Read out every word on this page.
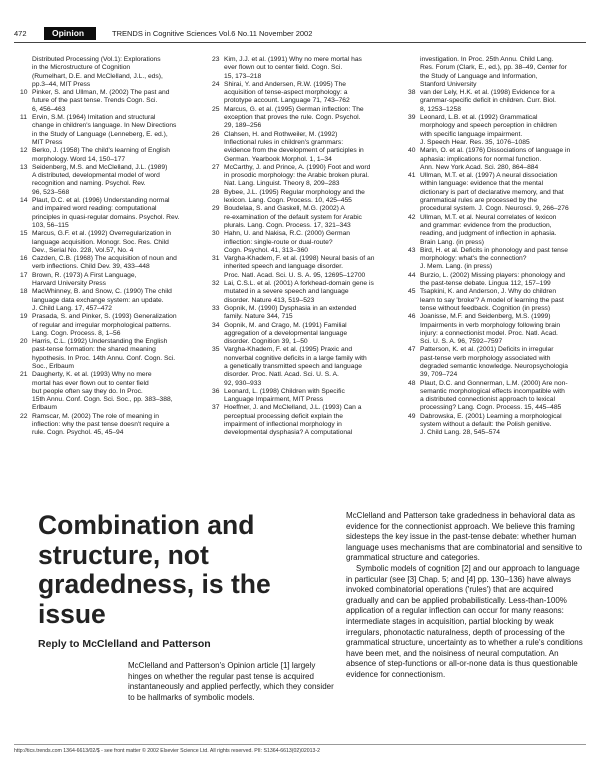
472	Opinion	TRENDS in Cognitive Sciences Vol.6 No.11 November 2002
Distributed Processing (Vol.1): Explorations
in the Microstructure of Cognition
(Rumelhart, D.E. and McClelland, J.L., eds),
pp.3–44, MIT Press
10 Pinker, S. and Ullman, M. (2002) The past and
future of the past tense. Trends Cogn. Sci.
6, 456–463
11 Ervin, S.M. (1964) Imitation and structural
change in children's language. In New Directions
in the Study of Language (Lenneberg, E. ed.),
MIT Press
12 Berko, J. (1958) The child's learning of English
morphology. Word 14, 150–177
13 Seidenberg, M.S. and McClelland, J.L. (1989)
A distributed, developmental model of word
recognition and naming. Psychol. Rev.
96, 523–568
14 Plaut, D.C. et al. (1996) Understanding normal
and impaired word reading: computational
principles in quasi-regular domains. Psychol. Rev.
103, 56–115
15 Marcus, G.F. et al. (1992) Overregularization in
language acquisition. Monogr. Soc. Res. Child
Dev., Serial No. 228, Vol.57, No. 4
16 Cazden, C.B. (1968) The acquisition of noun and
verb inflections. Child Dev. 39, 433–448
17 Brown, R. (1973) A First Language,
Harvard University Press
18 MacWhinney, B. and Snow, C. (1990) The child
language data exchange system: an update.
J. Child Lang. 17, 457–472
19 Prasada, S. and Pinker, S. (1993) Generalization
of regular and irregular morphological patterns.
Lang. Cogn. Process. 8, 1–56
20 Harris, C.L. (1992) Understanding the English
past-tense formation: the shared meaning
hypothesis. In Proc. 14th Annu. Conf. Cogn. Sci.
Soc., Erlbaum
21 Daugherty, K. et al. (1993) Why no mere
mortal has ever flown out to center field
but people often say they do. In Proc.
15th Annu. Conf. Cogn. Sci. Soc., pp. 383–388,
Erlbaum
22 Ramscar, M. (2002) The role of meaning in
inflection: why the past tense doesn't require a
rule. Cogn. Psychol. 45, 45–94
23 Kim, J.J. et al. (1991) Why no mere mortal has
ever flown out to center field. Cogn. Sci.
15, 173–218
24 Shirai, Y. and Andersen, R.W. (1995) The
acquisition of tense-aspect morphology: a
prototype account. Language 71, 743–762
25 Marcus, G. et al. (1995) German inflection: The
exception that proves the rule. Cogn. Psychol.
29, 189–256
26 Clahsen, H. and Rothweiler, M. (1992)
Inflectional rules in children's grammars:
evidence from the development of participles in
German. Yearbook Morphol. 1, 1–34
27 McCarthy, J. and Prince, A. (1990) Foot and word
in prosodic morphology: the Arabic broken plural.
Nat. Lang. Linguist. Theory 8, 209–283
28 Bybee, J.L. (1995) Regular morphology and the
lexicon. Lang. Cogn. Process. 10, 425–455
29 Boudelaa, S. and Gaskell, M.G. (2002) A
re-examination of the default system for Arabic
plurals. Lang. Cogn. Process. 17, 321–343
30 Hahn, U. and Nakisa, R.C. (2000) German
inflection: single-route or dual-route?
Cogn. Psychol. 41, 313–360
31 Vargha-Khadem, F. et al. (1998) Neural basis of an
inherited speech and language disorder.
Proc. Natl. Acad. Sci. U. S. A. 95, 12695–12700
32 Lai, C.S.L. et al. (2001) A forkhead-domain gene is
mutated in a severe speech and language
disorder. Nature 413, 519–523
33 Gopnik, M. (1990) Dysphasia in an extended
family. Nature 344, 715
34 Gopnik, M. and Crago, M. (1991) Familial
aggregation of a developmental language
disorder. Cognition 39, 1–50
35 Vargha-Khadem, F. et al. (1995) Praxic and
nonverbal cognitive deficits in a large family with
a genetically transmitted speech and language
disorder. Proc. Natl. Acad. Sci. U. S. A.
92, 930–933
36 Leonard, L. (1998) Children with Specific
Language Impairment, MIT Press
37 Hoeffner, J. and McClelland, J.L. (1993) Can a
perceptual processing deficit explain the
impairment of inflectional morphology in
developmental dysphasia? A computational
investigation. In Proc. 25th Annu. Child Lang.
Res. Forum (Clark, E., ed.), pp. 38–49, Center for
the Study of Language and Information,
Stanford University
38 van der Lely, H.K. et al. (1998) Evidence for a
grammar-specific deficit in children. Curr. Biol.
8, 1253–1258
39 Leonard, L.B. et al. (1992) Grammatical
morphology and speech perception in children
with specific language impairment.
J. Speech Hear. Res. 35, 1076–1085
40 Marin, O. et al. (1976) Dissociations of language in
aphasia: implications for normal function.
Ann. New York Acad. Sci. 280, 864–884
41 Ullman, M.T. et al. (1997) A neural dissociation
within language: evidence that the mental
dictionary is part of declarative memory, and that
grammatical rules are processed by the
procedural system. J. Cogn. Neurosci. 9, 266–276
42 Ullman, M.T. et al. Neural correlates of lexicon
and grammar: evidence from the production,
reading, and judgment of inflection in aphasia.
Brain Lang. (in press)
43 Bird, H. et al. Deficits in phonology and past tense
morphology: what's the connection?
J. Mem. Lang. (in press)
44 Burzio, L. (2002) Missing players: phonology and
the past-tense debate. Lingua 112, 157–199
45 Tsapkini, K. and Anderson, J. Why do children
learn to say 'broke'? A model of learning the past
tense without feedback. Cognition (in press)
46 Joanisse, M.F. and Seidenberg, M.S. (1999)
Impairments in verb morphology following brain
injury: a connectionist model. Proc. Natl. Acad.
Sci. U. S. A. 96, 7592–7597
47 Patterson, K. et al. (2001) Deficits in irregular
past-tense verb morphology associated with
degraded semantic knowledge. Neuropsychologia
39, 709–724
48 Plaut, D.C. and Gonnerman, L.M. (2000) Are non-
semantic morphological effects incompatible with
a distributed connectionist approach to lexical
processing? Lang. Cogn. Process. 15, 445–485
49 Dabrowska, E. (2001) Learning a morphological
system without a default: the Polish genitive.
J. Child Lang. 28, 545–574
Combination and structure, not gradedness, is the issue
Reply to McClelland and Patterson
McClelland and Patterson's Opinion article [1] largely hinges on whether the regular past tense is acquired instantaneously and applied perfectly, which they consider to be hallmarks of symbolic models.

McClelland and Patterson take gradedness in behavioral data as evidence for the connectionist approach. We believe this framing sidesteps the key issue in the past-tense debate: whether human language uses mechanisms that are combinatorial and sensitive to grammatical structure and categories.

Symbolic models of cognition [2] and our approach to language in particular (see [3] Chap. 5; and [4] pp. 130–136) have always invoked combinatorial operations ('rules') that are acquired gradually and can be applied probabilistically. Less-than-100% application of a regular inflection can occur for many reasons: intermediate stages in acquisition, partial blocking by weak irregulars, phonotactic naturalness, depth of processing of the grammatical structure, uncertainty as to whether a rule's conditions have been met, and the noisiness of neural computation. An absence of step-functions or all-or-none data is thus questionable evidence for connectionism.

http://tics.trends.com 1364-6613/02/$ - see front matter © 2002 Elsevier Science Ltd. All rights reserved. PII: S1364-6613(02)02013-2
